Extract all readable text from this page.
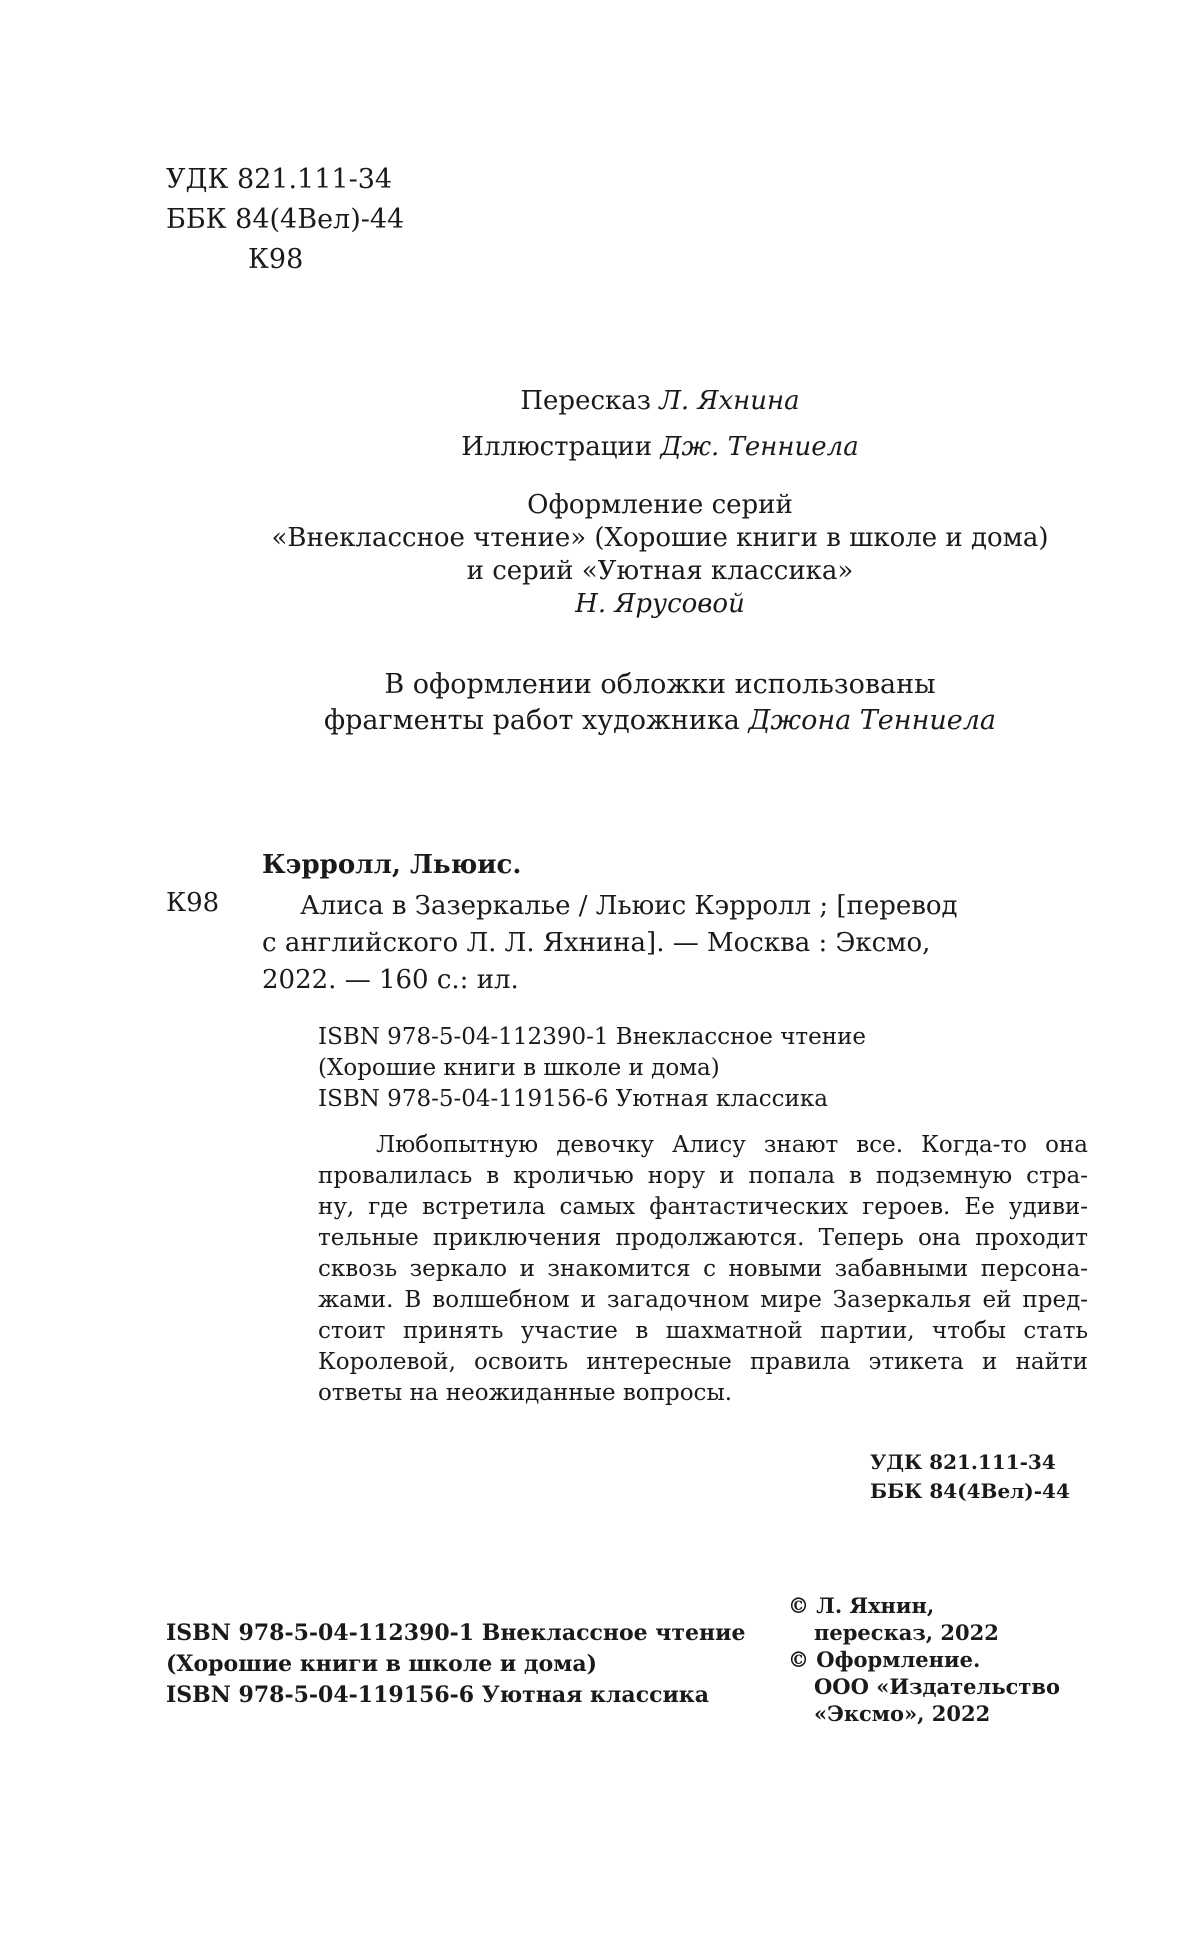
УДК 821.111-34
ББК 84(4Вел)-44
К98
Пересказ Л. Яхнина
Иллюстрации Дж. Тенниела
Оформление серий
«Внеклассное чтение» (Хорошие книги в школе и дома)
и серий «Уютная классика»
Н. Ярусовой
В оформлении обложки использованы
фрагменты работ художника Джона Тенниела
Кэрролл, Льюис.
К98	Алиса в Зазеркалье / Льюис Кэрролл ; [перевод
с английского Л. Л. Яхнина]. — Москва : Эксмо,
2022. — 160 с.: ил.
ISBN 978-5-04-112390-1 Внеклассное чтение
(Хорошие книги в школе и дома)
ISBN 978-5-04-119156-6 Уютная классика
Любопытную девочку Алису знают все. Когда-то она
провалилась в кроличью нору и попала в подземную стра-
ну, где встретила самых фантастических героев. Ее удиви-
тельные приключения продолжаются. Теперь она проходит
сквозь зеркало и знакомится с новыми забавными персона-
жами. В волшебном и загадочном мире Зазеркалья ей пред-
стоит принять участие в шахматной партии, чтобы стать
Королевой, освоить интересные правила этикета и найти
ответы на неожиданные вопросы.
УДК 821.111-34
ББК 84(4Вел)-44
ISBN 978-5-04-112390-1 Внеклассное чтение
(Хорошие книги в школе и дома)
ISBN 978-5-04-119156-6 Уютная классика
© Л. Яхнин,
пересказ, 2022
© Оформление.
ООО «Издательство
«Эксмо», 2022
